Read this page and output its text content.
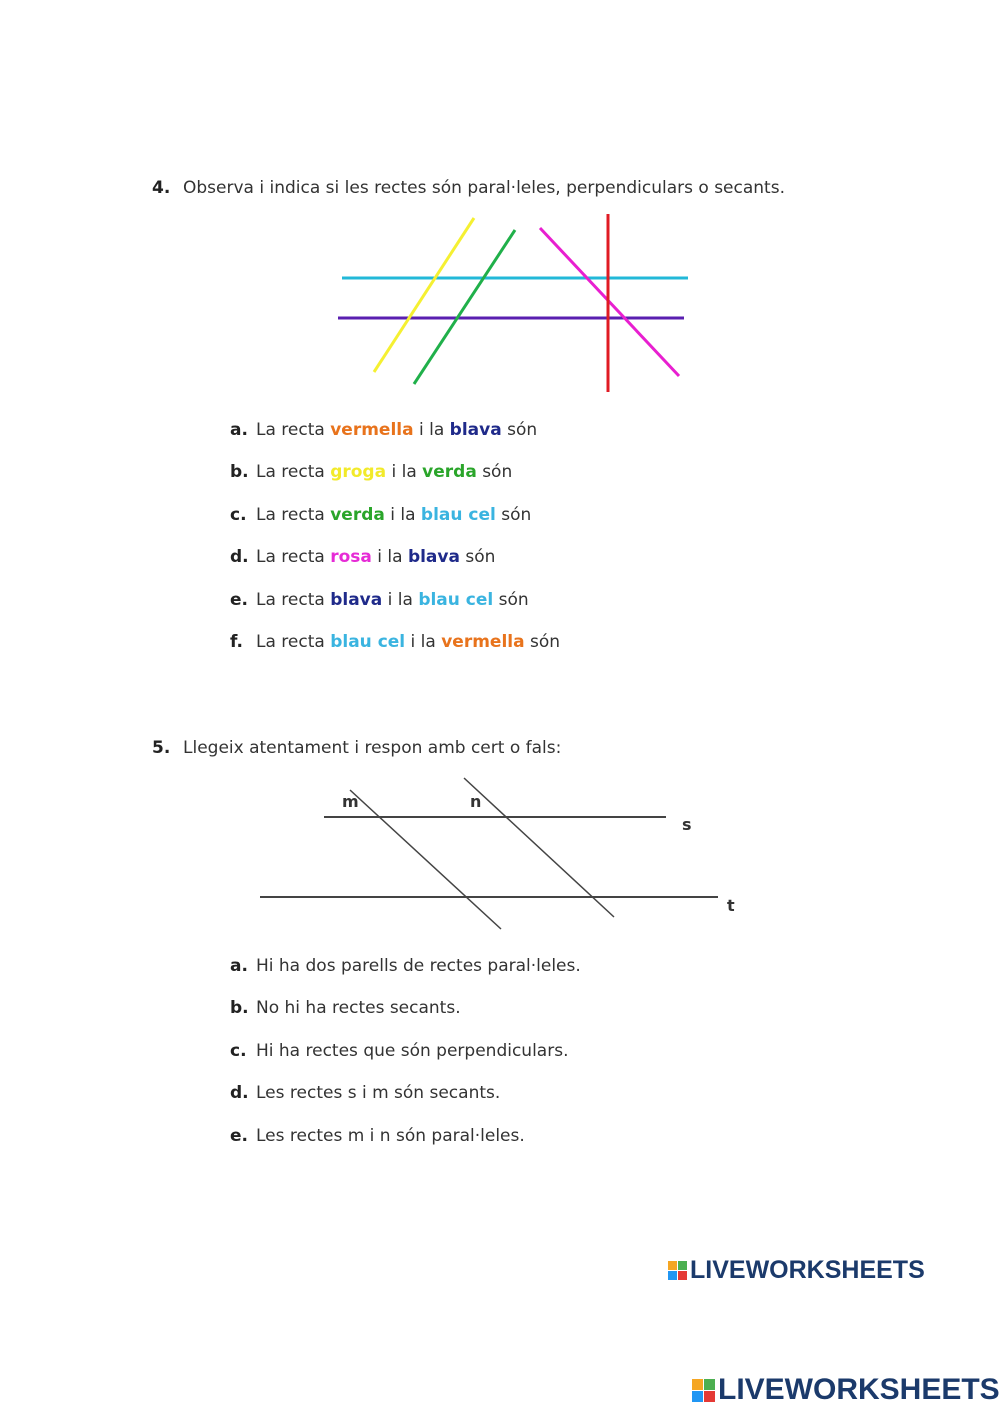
4. Observa i indica si les rectes són paral·leles, perpendiculars o secants.
a. La recta vermella i la blava són
b. La recta groga i la verda són
c. La recta verda i la blau cel són
d. La recta rosa i la blava són
e. La recta blava i la blau cel són
f. La recta blau cel i la vermella són
5. Llegeix atentament i respon amb cert o fals:
m	n
s
t
a. Hi ha dos parells de rectes paral·leles.
b. No hi ha rectes secants.
c. Hi ha rectes que són perpendiculars.
d. Les rectes s i m són secants.
e. Les rectes m i n són paral·leles.
LIVEWORKSHEETS
LIVEWORKSHEETS
